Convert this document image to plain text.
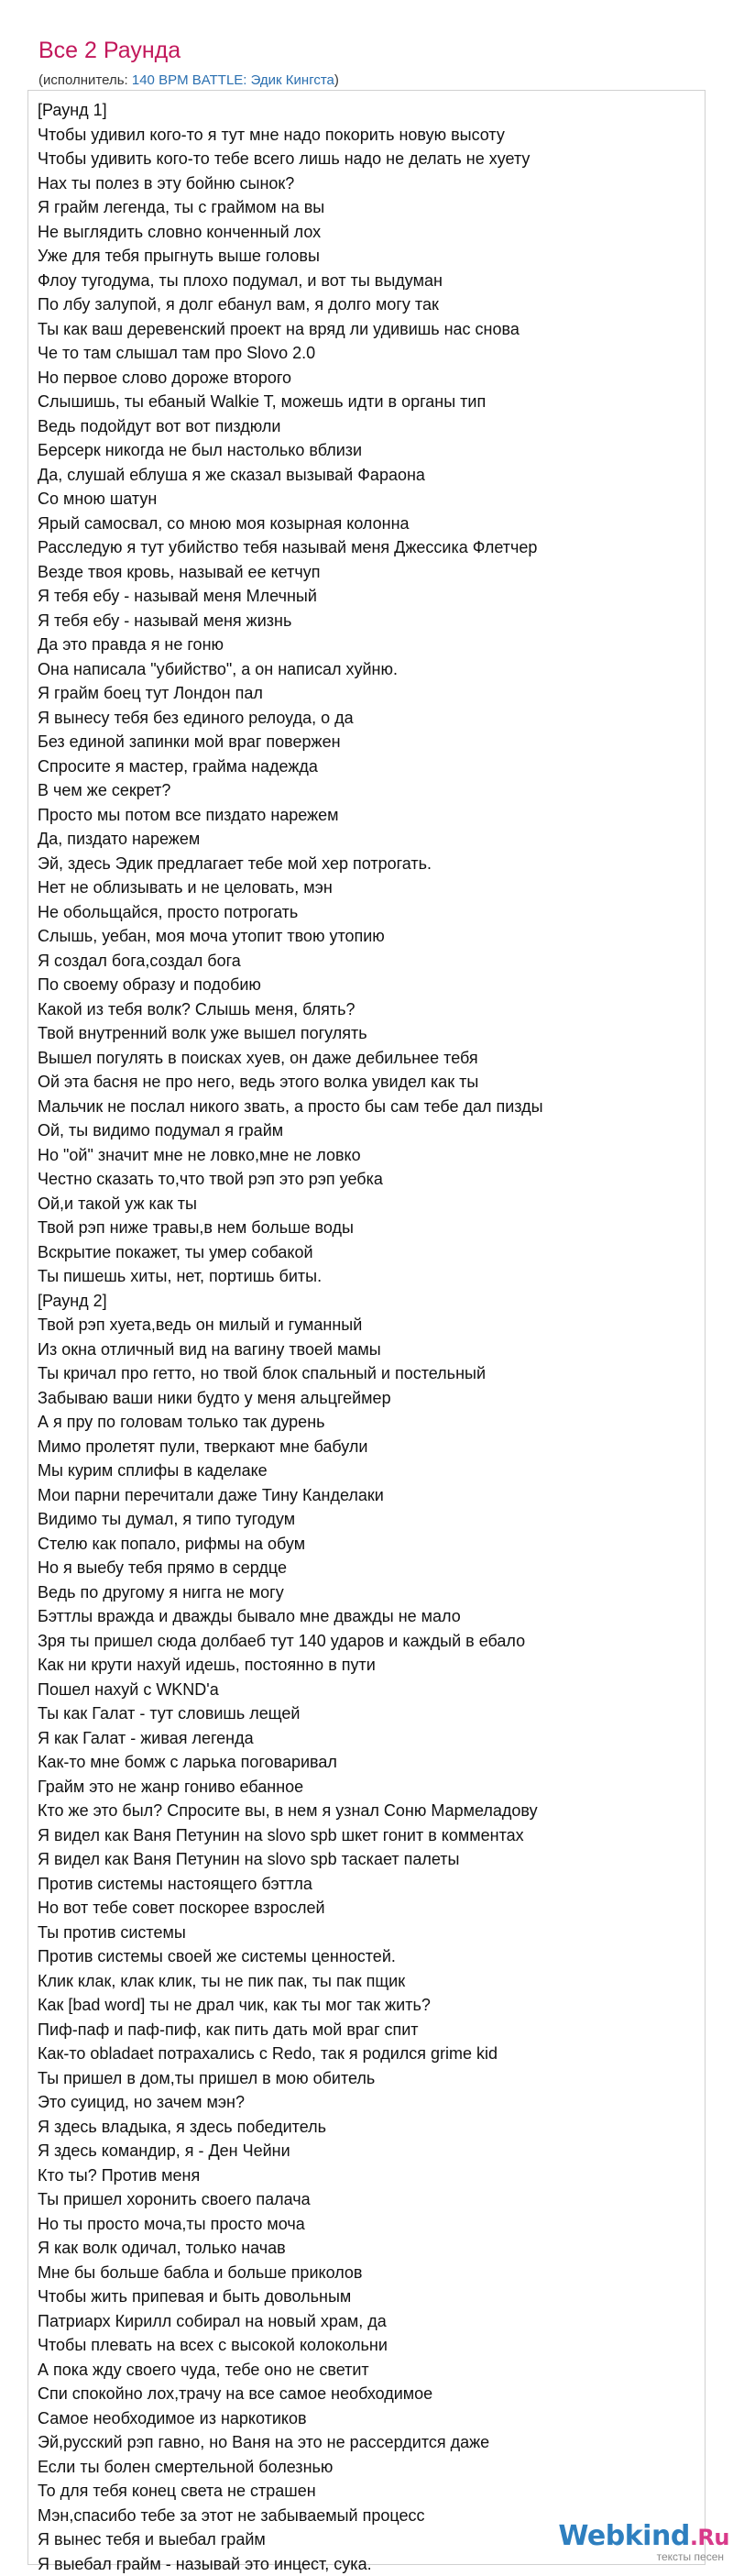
Все 2 Раунда
(исполнитель: 140 BPM BATTLE: Эдик Кингста)
[Раунд 1]
Чтобы удивил кого-то я тут мне надо покорить новую высоту
Чтобы удивить кого-то тебе всего лишь надо не делать не хуету
Нах ты полез в эту бойню сынок?
Я грайм легенда, ты с граймом на вы
Не выглядить словно конченный лох
Уже для тебя прыгнуть выше головы
Флоу тугодума, ты плохо подумал, и вот ты выдуман
По лбу залупой, я долг ебанул вам, я долго могу так
Ты как ваш деревенский проект на вряд ли удивишь нас снова
Че то там слышал там про Slovo 2.0
Но первое слово дороже второго
Слышишь, ты ебаный Walkie T, можешь идти в органы тип
Ведь подойдут вот вот пиздюли
Берсерк никогда не был настолько вблизи
Да, слушай еблуша я же сказал вызывай Фараона
Со мною шатун
Ярый самосвал, со мною моя козырная колонна
Расследую я тут убийство тебя называй меня Джессика Флетчер
Везде твоя кровь, называй ее кетчуп
Я тебя ебу - называй меня Млечный
Я тебя ебу - называй меня жизнь
Да это правда я не гоню
Она написала "убийство", а он написал хуйню.
Я грайм боец тут Лондон пал
Я вынесу тебя без единого релоуда, о да
Без единой запинки мой враг повержен
Спросите я мастер, грайма надежда
В чем же секрет?
Просто мы потом все пиздато нарежем
Да, пиздато нарежем
Эй, здесь Эдик предлагает тебе мой хер потрогать.
Нет не облизывать и не целовать, мэн
Не обольщайся, просто потрогать
Слышь, уебан, моя моча утопит твою утопию
Я создал бога,создал бога
По своему образу и подобию
Какой из тебя волк? Слышь меня, блять?
Твой внутренний волк уже вышел погулять
Вышел погулять в поисках хуев, он даже дебильнее тебя
Ой эта басня не про него, ведь этого волка увидел как ты
Мальчик не послал никого звать, а просто бы сам тебе дал пизды
Ой, ты видимо подумал я грайм
Но "ой" значит мне не ловко,мне не ловко
Честно сказать то,что твой рэп это рэп уебка
Ой,и такой уж как ты
Твой рэп ниже травы,в нем больше воды
Вскрытие покажет, ты умер собакой
Ты пишешь хиты, нет, портишь биты.
[Раунд 2]
Твой рэп хуета,ведь он милый и гуманный
Из окна отличный вид на вагину твоей мамы
Ты кричал про гетто, но твой блок спальный и постельный
Забываю ваши ники будто у меня альцгеймер
А я пру по головам только так дурень
Мимо пролетят пули, тверкают мне бабули
Мы курим сплифы в каделаке
Мои парни перечитали даже Тину Канделаки
Видимо ты думал, я типо тугодум
Стелю как попало, рифмы на обум
Но я выебу тебя прямо в сердце
Ведь по другому я нигга не могу
Бэттлы вражда и дважды бывало мне дважды не мало
Зря ты пришел сюда долбаеб тут 140 ударов и каждый в ебало
Как ни крути нахуй идешь, постоянно в пути
Пошел нахуй с WKND'a
Ты как Галат - тут словишь лещей
Я как Галат - живая легенда
Как-то мне бомж с ларька поговаривал
Грайм это не жанр гониво ебанное
Кто же это был? Спросите вы, в нем я узнал Соню Мармеладову
Я видел как Ваня Петунин на slovo spb шкет гонит в комментах
Я видел как Ваня Петунин на slovo spb таскает палеты
Против системы настоящего бэттла
Но вот тебе совет поскорее взрослей
Ты против системы
Против системы своей же системы ценностей.
Клик клак, клак клик, ты не пик пак, ты пак пщик
Как [bad word] ты не драл чик, как ты мог так жить?
Пиф-паф и паф-пиф, как пить дать мой враг спит
Как-то obladaet потрахались с Redo, так я родился grime kid
Ты пришел в дом,ты пришел в мою обитель
Это суицид, но зачем мэн?
Я здесь владыка, я здесь победитель
Я здесь командир, я - Ден Чейни
Кто ты? Против меня
Ты пришел хоронить своего палача
Но ты просто моча,ты просто моча
Я как волк одичал, только начав
Мне бы больше бабла и больше приколов
Чтобы жить припевая и быть довольным
Патриарх Кирилл собирал на новый храм, да
Чтобы плевать на всех с высокой колокольни
А пока жду своего чуда, тебе оно не светит
Спи спокойно лох,трачу на все самое необходимое
Самое необходимое из наркотиков
Эй,русский рэп гавно, но Ваня на это не рассердится даже
Если ты болен смертельной болезнью
То для тебя конец света не страшен
Мэн,спасибо тебе за этот не забываемый процесс
Я вынес тебя и выебал грайм
Я выебал грайм - называй это инцест, сука.
Webkind.Ru
тексты песен
